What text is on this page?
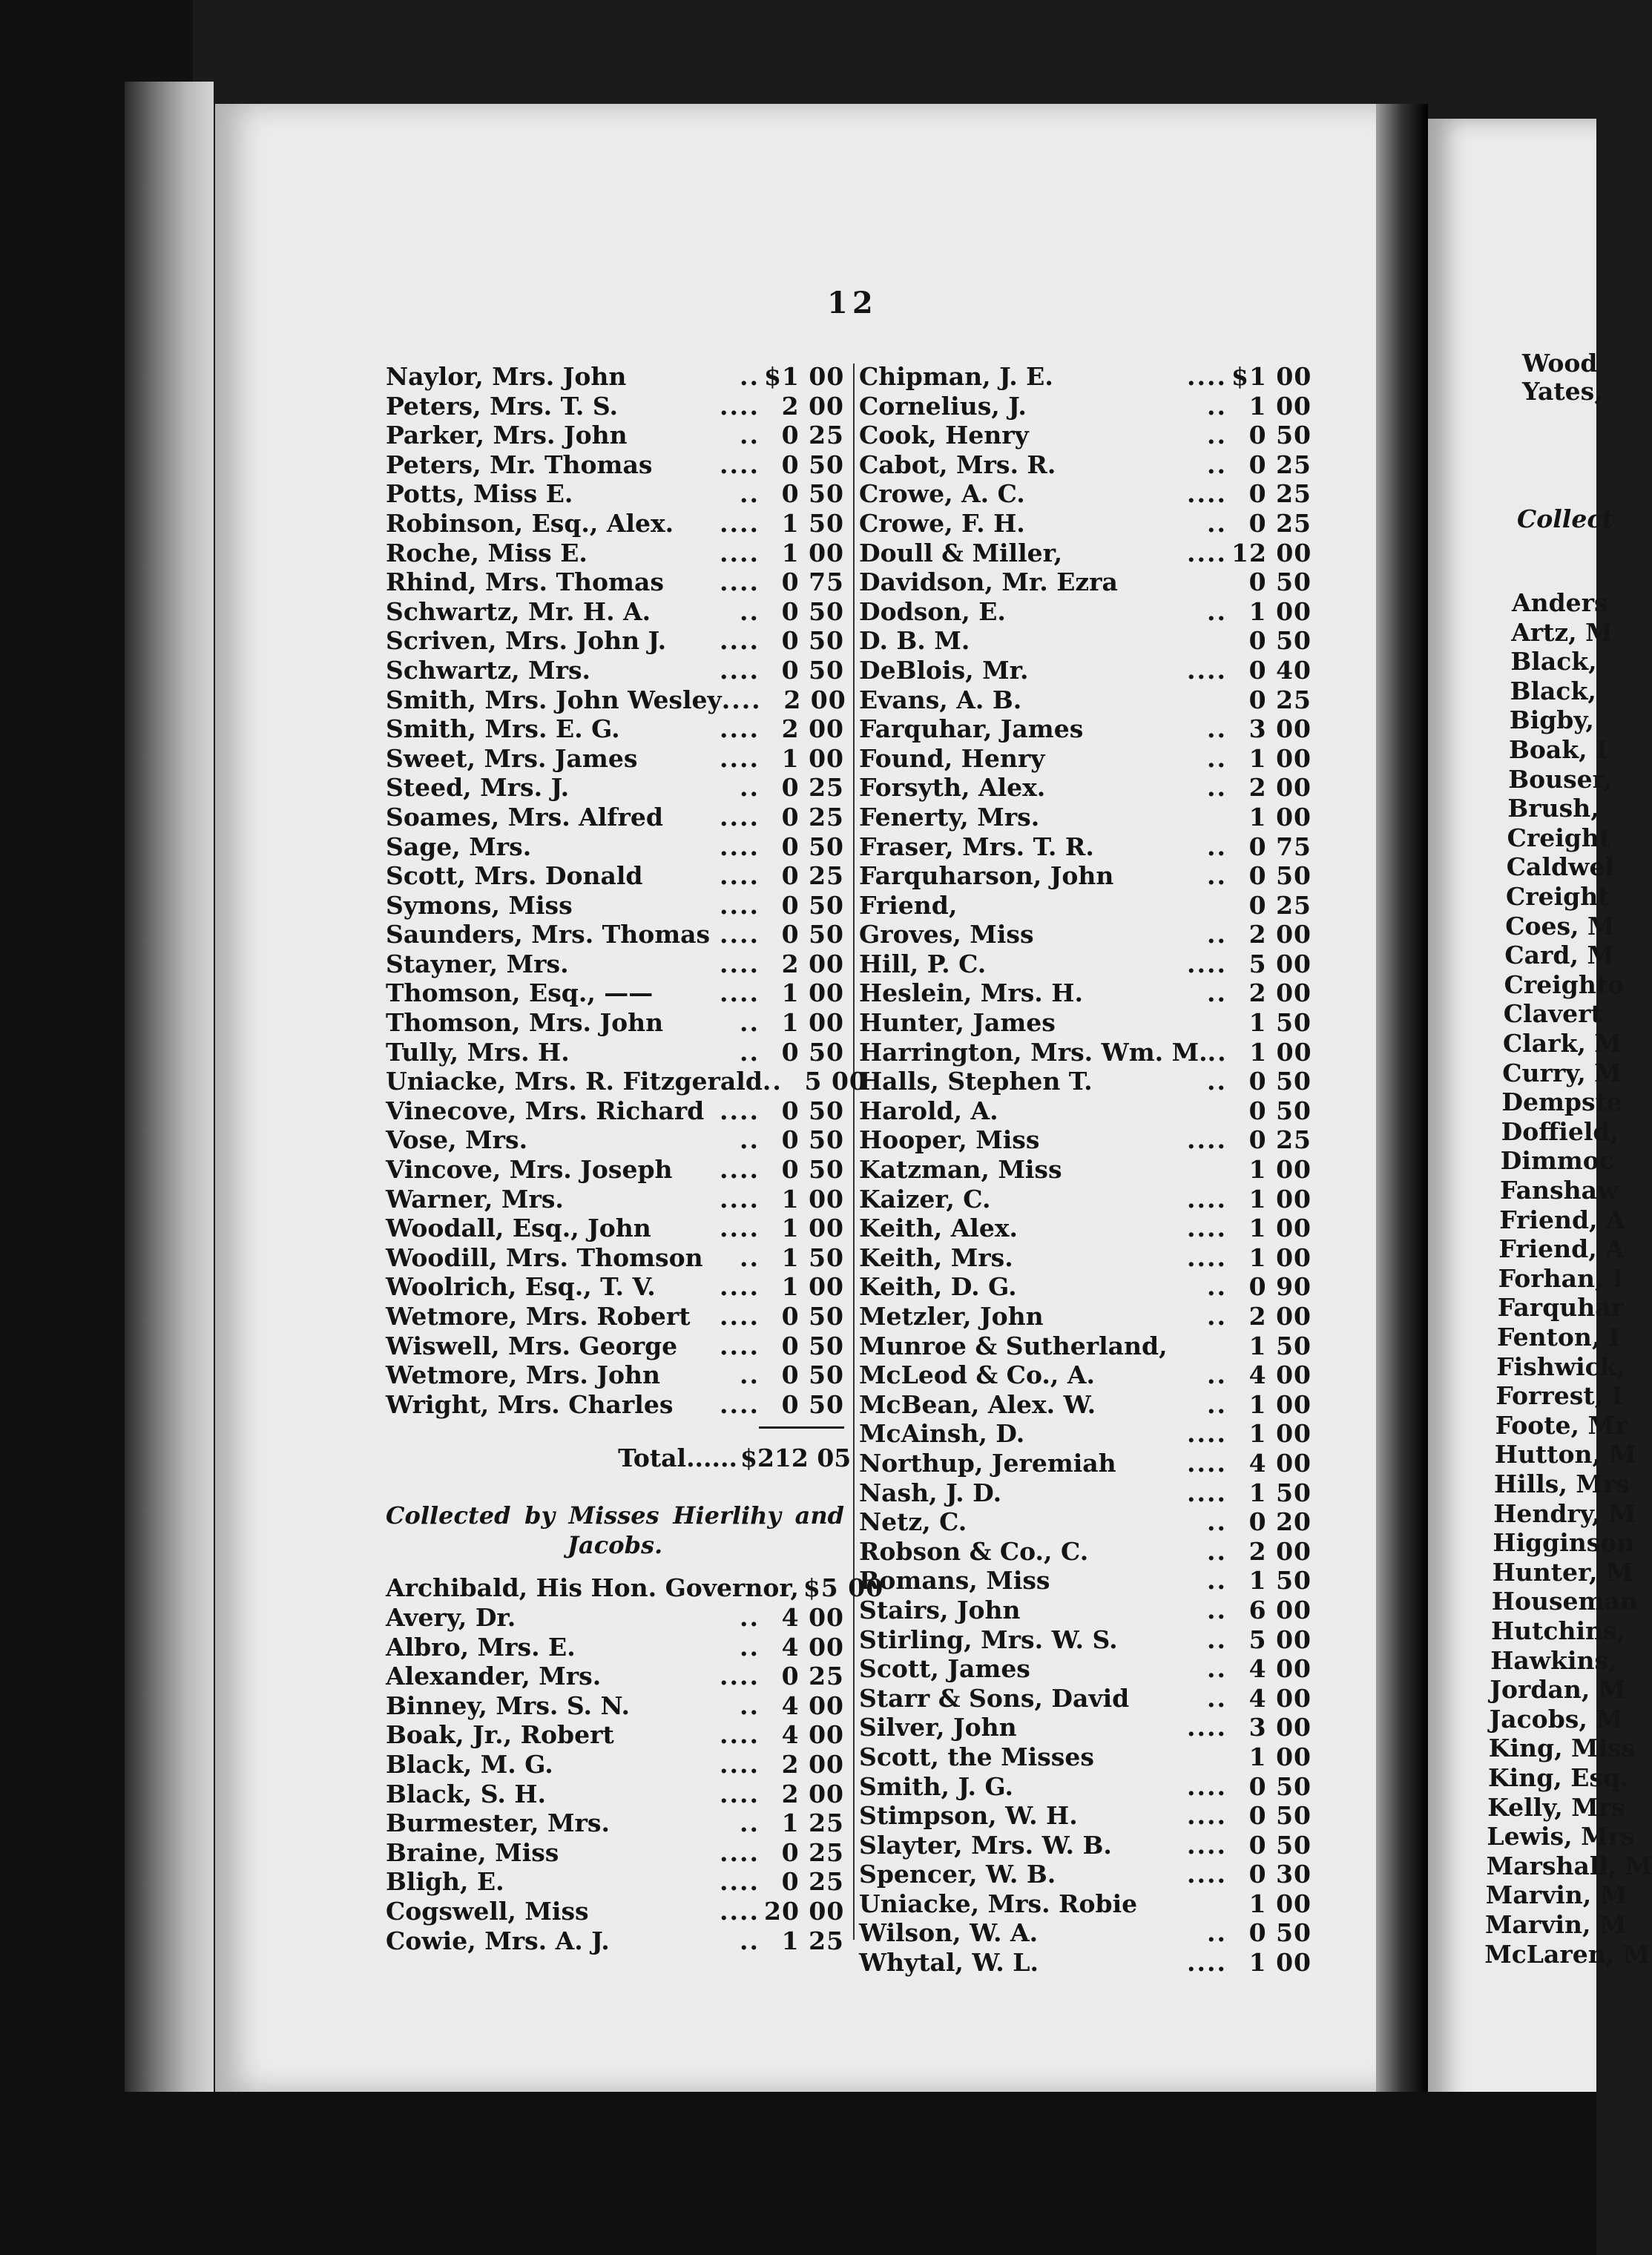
12
Naylor, Mrs. John	.. $1 00
Peters, Mrs. T. S.	.... 2 00
Parker, Mrs. John	.. 0 25
Peters, Mr. Thomas	.... 0 50
Potts, Miss E.	.. 0 50
Robinson, Esq., Alex.	.... 1 50
Roche, Miss E.	.... 1 00
Rhind, Mrs. Thomas	.... 0 75
Schwartz, Mr. H. A.	.. 0 50
Scriven, Mrs. John J.	.... 0 50
Schwartz, Mrs.	.... 0 50
Smith, Mrs. John Wesley .... 2 00
Smith, Mrs. E. G.	.... 2 00
Sweet, Mrs. James	.... 1 00
Steed, Mrs. J.	.. 0 25
Soames, Mrs. Alfred	.... 0 25
Sage, Mrs.	.... 0 50
Scott, Mrs. Donald	.... 0 25
Symons, Miss	.... 0 50
Saunders, Mrs. Thomas .... 0 50
Stayner, Mrs.	.... 2 00
Thomson, Esq., ——	.... 1 00
Thomson, Mrs. John	.. 1 00
Tully, Mrs. H.	.. 0 50
Uniacke, Mrs. R. Fitzgerald .. 5 00
Vinecove, Mrs. Richard .... 0 50
Vose, Mrs.	.. 0 50
Vincove, Mrs. Joseph	.... 0 50
Warner, Mrs.	.... 1 00
Woodall, Esq., John	.... 1 00
Woodill, Mrs. Thomson	.. 1 50
Woolrich, Esq., T. V.	.... 1 00
Wetmore, Mrs. Robert	.... 0 50
Wiswell, Mrs. George	.... 0 50
Wetmore, Mrs. John	.. 0 50
Wright, Mrs. Charles	.... 0 50
Total...... $212 05
Collected by Misses Hierlihy and
Jacobs.
Archibald, His Hon. Governor, $5 00
Avery, Dr.	.. 4 00
Albro, Mrs. E.	.. 4 00
Alexander, Mrs.	.... 0 25
Binney, Mrs. S. N.	.. 4 00
Boak, Jr., Robert	.... 4 00
Black, M. G.	.... 2 00
Black, S. H.	.... 2 00
Burmester, Mrs.	.. 1 25
Braine, Miss	.... 0 25
Bligh, E.	.... 0 25
Cogswell, Miss	.... 20 00
Cowie, Mrs. A. J.	.. 1 25
Chipman, J. E.	.... $1 00
Cornelius, J.	.. 1 00
Cook, Henry	.. 0 50
Cabot, Mrs. R.	.. 0 25
Crowe, A. C.	.... 0 25
Crowe, F. H.	.. 0 25
Doull & Miller,	.... 12 00
Davidson, Mr. Ezra	0 50
Dodson, E.	.. 1 00
D. B. M.	0 50
DeBlois, Mr.	.... 0 40
Evans, A. B.	0 25
Farquhar, James	.. 3 00
Found, Henry	.. 1 00
Forsyth, Alex.	.. 2 00
Fenerty, Mrs.	1 00
Fraser, Mrs. T. R.	.. 0 75
Farquharson, John	.. 0 50
Friend,	0 25
Groves, Miss	.. 2 00
Hill, P. C.	.... 5 00
Heslein, Mrs. H.	.. 2 00
Hunter, James	1 50
Harrington, Mrs. Wm. M. .. 1 00
Halls, Stephen T.	.. 0 50
Harold, A.	0 50
Hooper, Miss	.... 0 25
Katzman, Miss	1 00
Kaizer, C.	.... 1 00
Keith, Alex.	.... 1 00
Keith, Mrs.	.... 1 00
Keith, D. G.	.. 0 90
Metzler, John	.. 2 00
Munroe & Sutherland,	1 50
McLeod & Co., A.	.. 4 00
McBean, Alex. W.	.. 1 00
McAinsh, D.	.... 1 00
Northup, Jeremiah	.... 4 00
Nash, J. D.	.... 1 50
Netz, C.	.. 0 20
Robson & Co., C.	.. 2 00
Romans, Miss	.. 1 50
Stairs, John	.. 6 00
Stirling, Mrs. W. S.	.. 5 00
Scott, James	.. 4 00
Starr & Sons, David	.. 4 00
Silver, John	.... 3 00
Scott, the Misses	1 00
Smith, J. G.	.... 0 50
Stimpson, W. H.	.... 0 50
Slayter, Mrs. W. B.	.... 0 50
Spencer, W. B.	.... 0 30
Uniacke, Mrs. Robie	1 00
Wilson, W. A.	.. 0 50
Whytal, W. L.	.... 1 00
Wood
Yates,
Collect
Anders
Artz, M
Black,
Black,
Bigby,
Boak, I
Bouser,
Brush,
Creight
Caldwel
Creight
Coes, M
Card, M
Creighto
Clavert
Clark, M
Curry, M
Dempste
Doffield,
Dimmoc
Fanshaw
Friend, A
Friend, A
Forhan, I
Farquhar
Fenton, I
Fishwick,
Forrest, I
Foote, Mr
Hutton, M
Hills, Mrs
Hendry, M
Higginson
Hunter, M
Houseman
Hutchins,
Hawkins,
Jordan, M
Jacobs, M
King, Miss
King, Esq.
Kelly, Mrs
Lewis, Mrs
Marshall, M
Marvin, M
Marvin, M
McLaren, M
